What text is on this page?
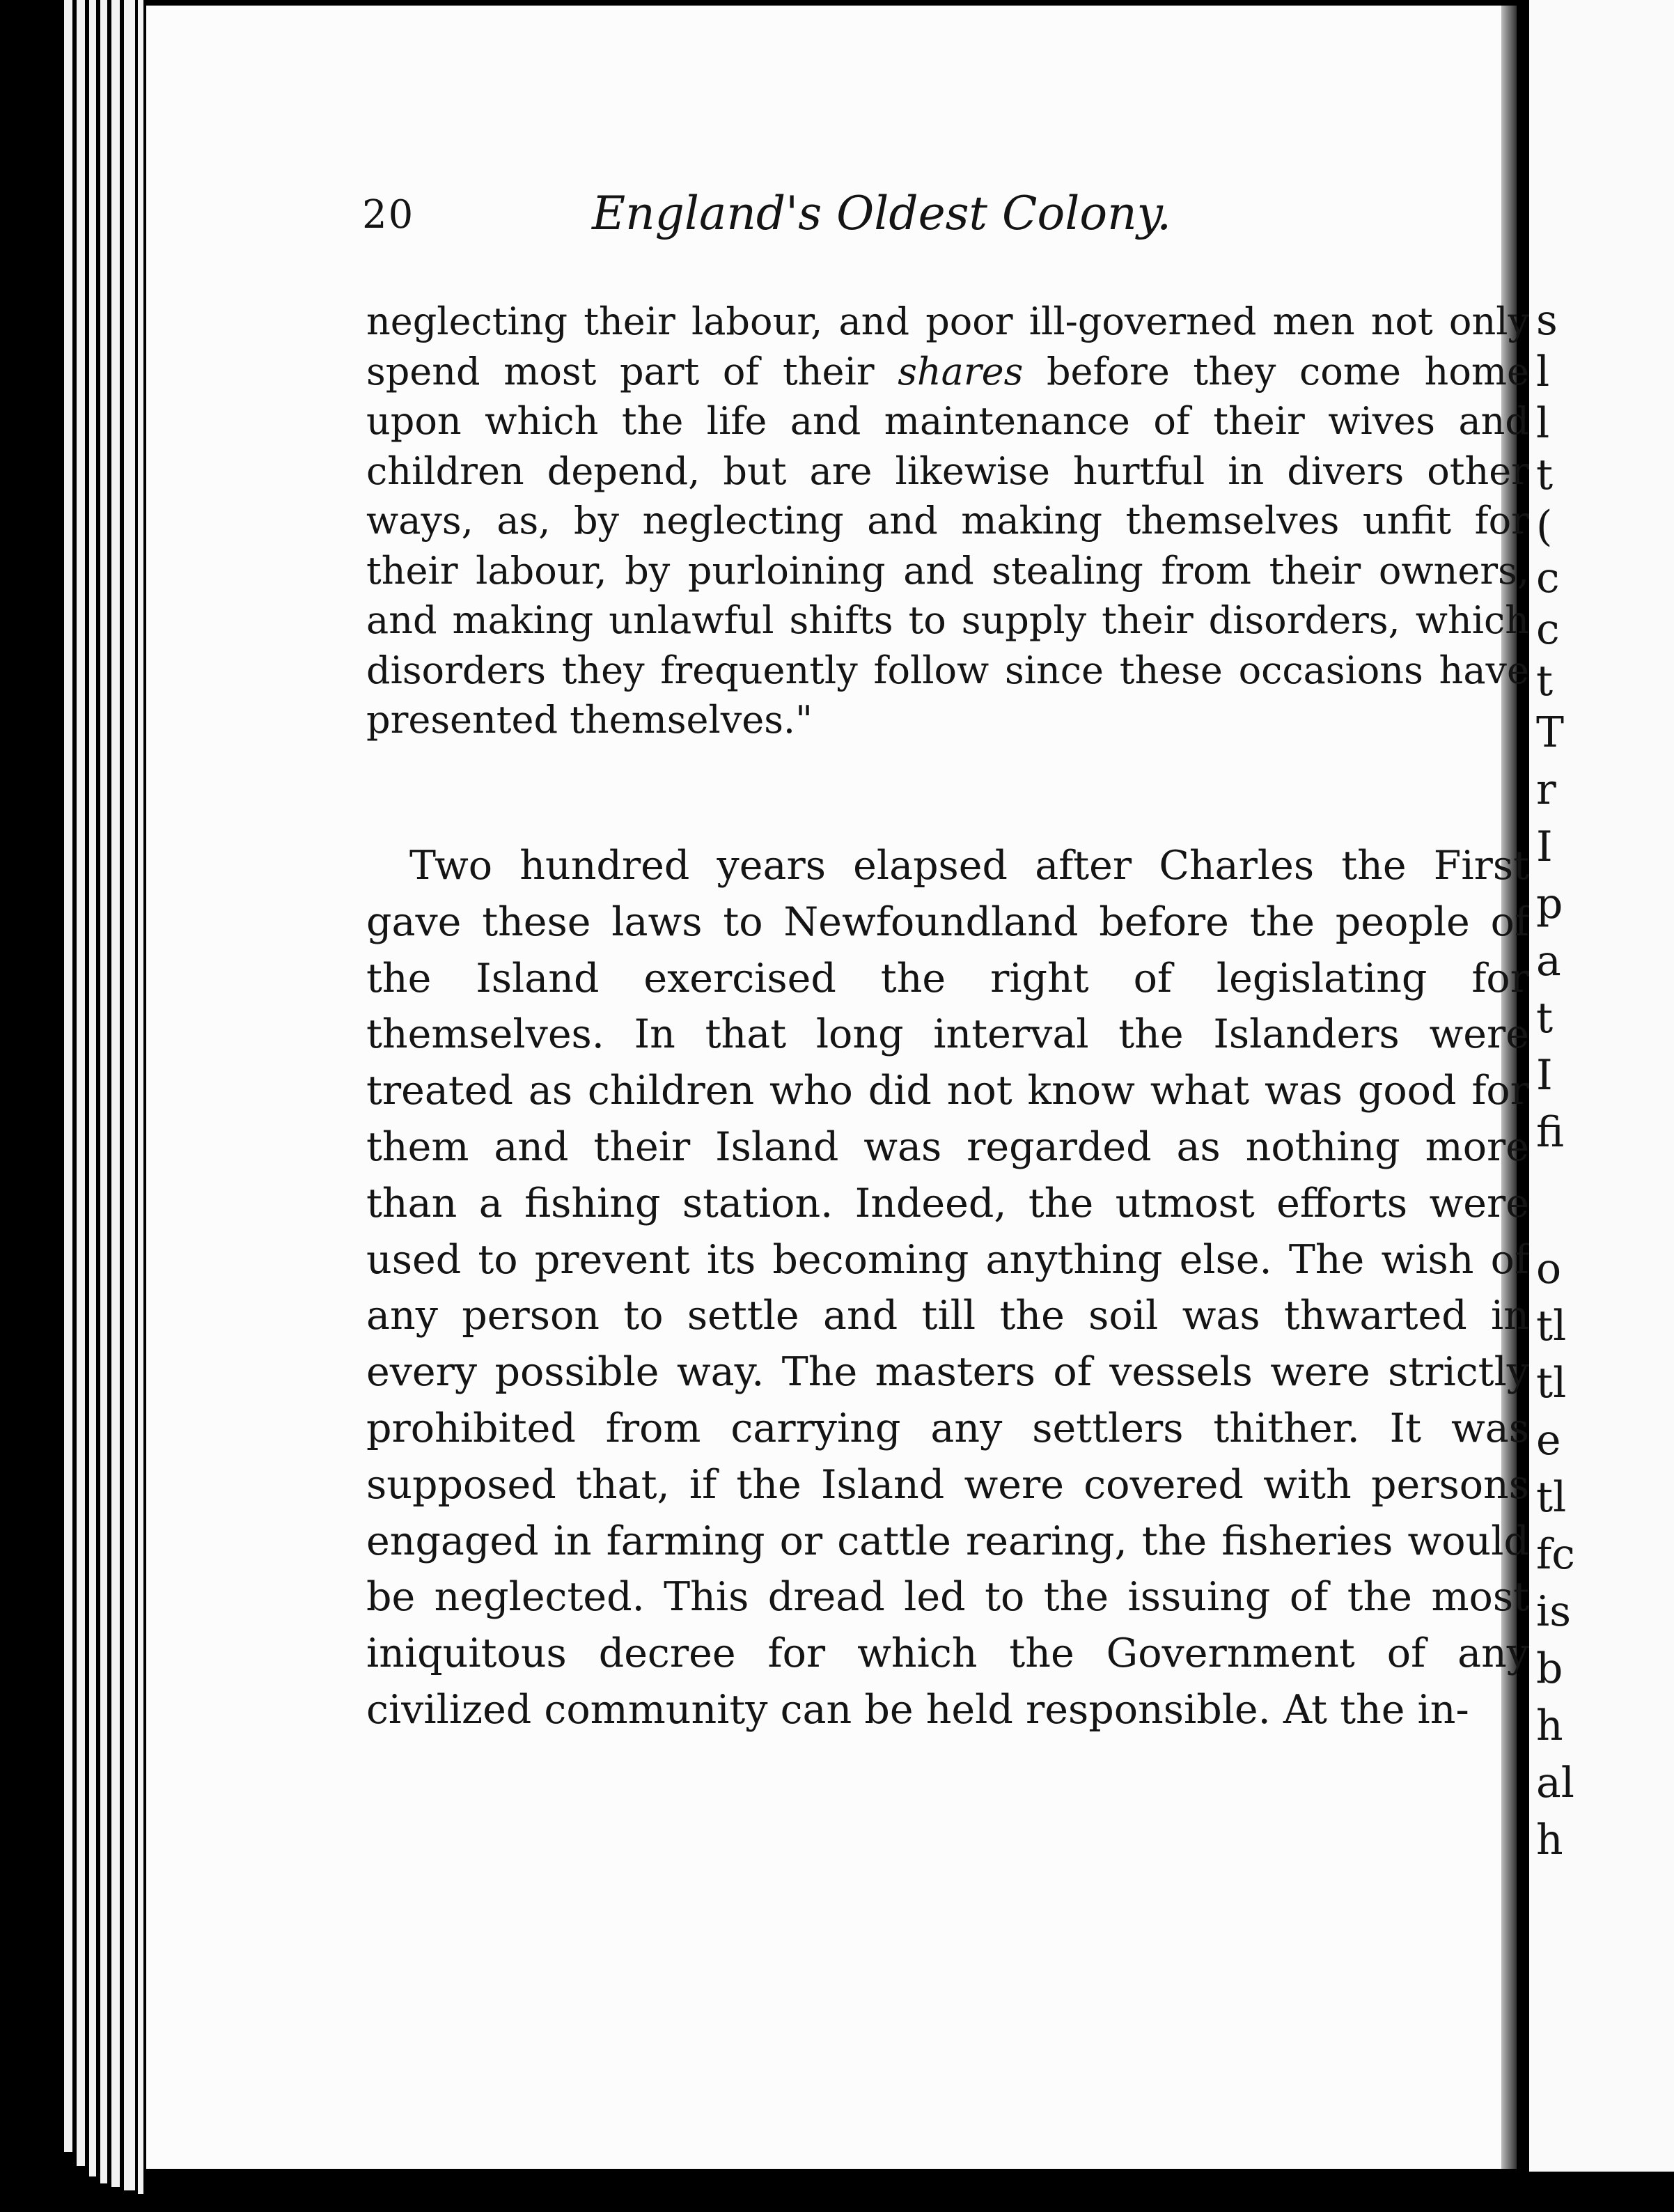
20	England's Oldest Colony.

neglecting their labour, and poor ill-governed men not only spend most part of their shares before they come home upon which the life and maintenance of their wives and children depend, but are likewise hurtful in divers other ways, as, by neglecting and making themselves unfit for their labour, by purloining and stealing from their owners, and making unlawful shifts to supply their disorders, which disorders they frequently follow since these occasions have presented themselves."

Two hundred years elapsed after Charles the First gave these laws to Newfoundland before the people of the Island exercised the right of legislating for themselves. In that long interval the Islanders were treated as children who did not know what was good for them and their Island was regarded as nothing more than a fishing station. Indeed, the utmost efforts were used to prevent its becoming anything else. The wish of any person to settle and till the soil was thwarted in every possible way. The masters of vessels were strictly prohibited from carrying any settlers thither. It was supposed that, if the Island were covered with persons engaged in farming or cattle rearing, the fisheries would be neglected. This dread led to the issuing of the most iniquitous decree for which the Government of any civilized community can be held responsible. At the in-

s
l
l
t
(
c
c
t
T
r
I
p
a
t
I
fi
o
tl
tl
e
tl
fc
is
b
h
al
h
